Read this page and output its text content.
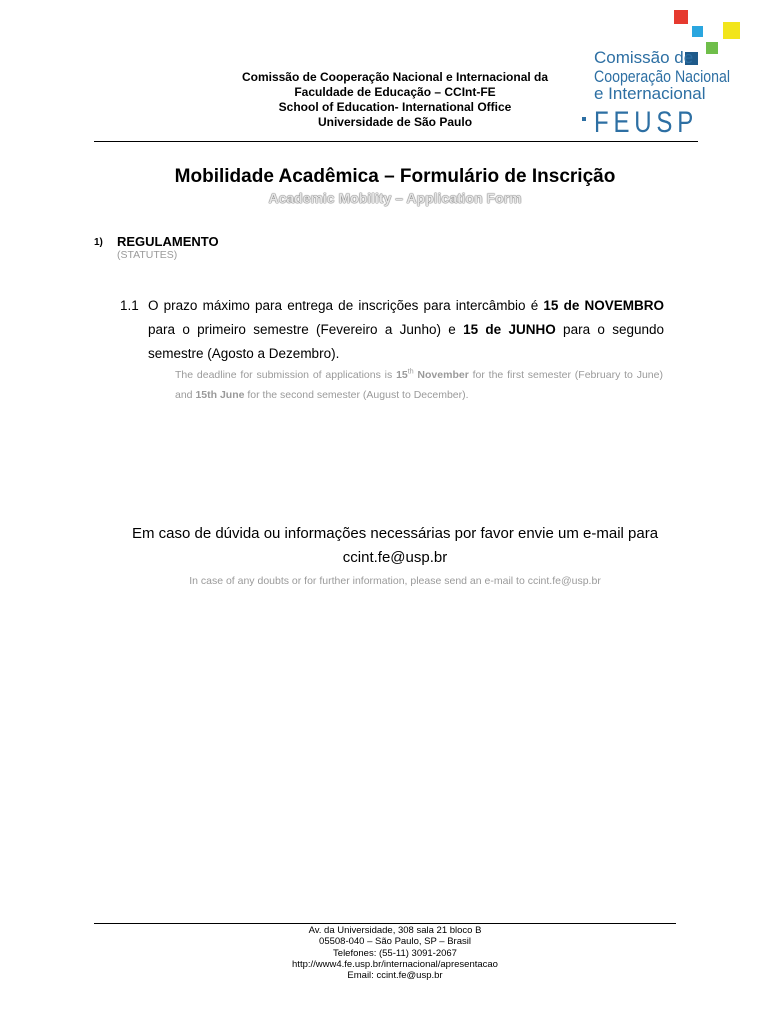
Comissão de Cooperação Nacional e Internacional da
Faculdade de Educação – CCInt-FE
School of Education- International Office
Universidade de São Paulo
Comissão de
Cooperação Nacional
e Internacional
FEUSP
Mobilidade Acadêmica – Formulário de Inscrição
Academic Mobility – Application Form
1) REGULAMENTO
(STATUTES)
1.1 O prazo máximo para entrega de inscrições para intercâmbio é 15 de NOVEMBRO para o primeiro semestre (Fevereiro a Junho) e 15 de JUNHO para o segundo semestre (Agosto a Dezembro).
The deadline for submission of applications is 15th November for the first semester (February to June) and 15th June for the second semester (August to December).
Em caso de dúvida ou informações necessárias por favor envie um e-mail para
ccint.fe@usp.br
In case of any doubts or for further information, please send an e-mail to ccint.fe@usp.br
Av. da Universidade, 308 sala 21 bloco B
05508-040 – São Paulo, SP – Brasil
Telefones: (55-11) 3091-2067
http://www4.fe.usp.br/internacional/apresentacao
Email: ccint.fe@usp.br
